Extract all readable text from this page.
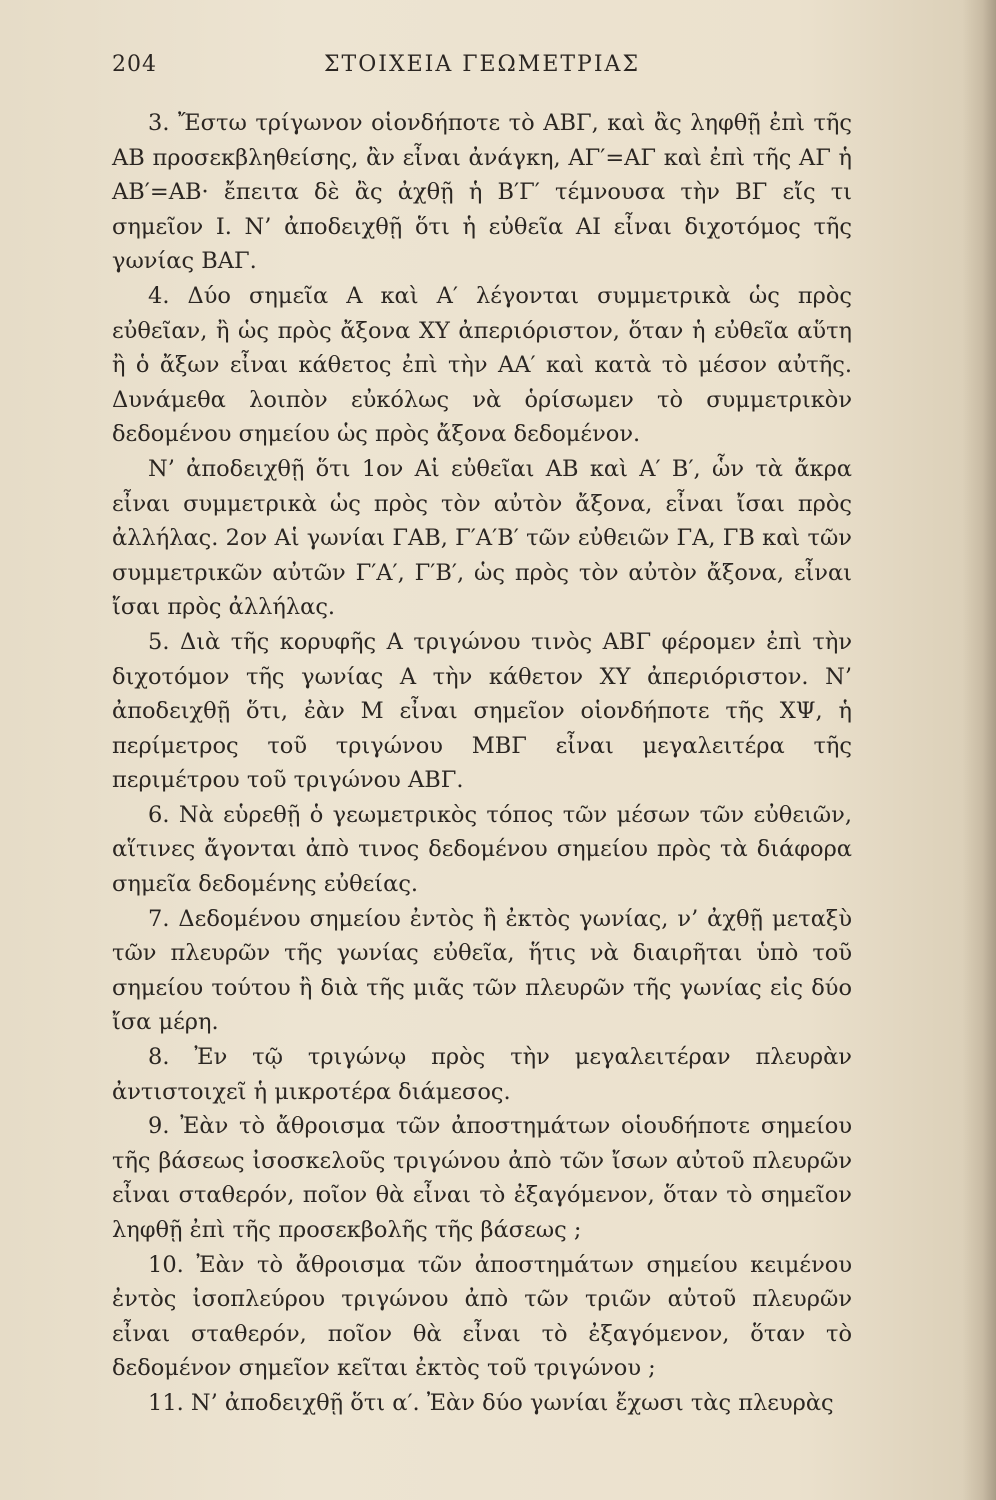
204	ΣΤΟΙΧΕΙΑ ΓΕΩΜΕΤΡΙΑΣ

3. Ἔστω τρίγωνον οἱονδήποτε τὸ ΑΒΓ, καὶ ἂς ληφθῇ ἐπὶ τῆς ΑΒ προσεκβληθείσης, ἂν εἶναι ἀνάγκη, ΑΓ′=ΑΓ καὶ ἐπὶ τῆς ΑΓ ἡ ΑΒ′=ΑΒ· ἔπειτα δὲ ἂς ἀχθῇ ἡ Β′Γ′ τέμνουσα τὴν ΒΓ εἴς τι σημεῖον Ι. Ν’ ἀποδειχθῇ ὅτι ἡ εὐθεῖα ΑΙ εἶναι διχοτόμος τῆς γωνίας ΒΑΓ.

4. Δύο σημεῖα Α καὶ Α′ λέγονται συμμετρικὰ ὡς πρὸς εὐθεῖαν, ἢ ὡς πρὸς ἄξονα ΧΥ ἀπεριόριστον, ὅταν ἡ εὐθεῖα αὕτη ἢ ὁ ἄξων εἶναι κάθετος ἐπὶ τὴν ΑΑ′ καὶ κατὰ τὸ μέσον αὐτῆς. Δυνάμεθα λοιπὸν εὐκόλως νὰ ὁρίσωμεν τὸ συμμετρικὸν δεδομένου σημείου ὡς πρὸς ἄξονα δεδομένον.

Ν’ ἀποδειχθῇ ὅτι 1ον Αἱ εὐθεῖαι ΑΒ καὶ Α′ Β′, ὧν τὰ ἄκρα εἶναι συμμετρικὰ ὡς πρὸς τὸν αὐτὸν ἄξονα, εἶναι ἴσαι πρὸς ἀλλήλας. 2ον Αἱ γωνίαι ΓΑΒ, Γ′Α′Β′ τῶν εὐθειῶν ΓΑ, ΓΒ καὶ τῶν συμμετρικῶν αὐτῶν Γ′Α′, Γ′Β′, ὡς πρὸς τὸν αὐτὸν ἄξονα, εἶναι ἴσαι πρὸς ἀλλήλας.

5. Διὰ τῆς κορυφῆς Α τριγώνου τινὸς ΑΒΓ φέρομεν ἐπὶ τὴν διχοτόμον τῆς γωνίας Α τὴν κάθετον ΧΥ ἀπεριόριστον. Ν’ ἀποδειχθῇ ὅτι, ἐὰν Μ εἶναι σημεῖον οἱονδήποτε τῆς ΧΨ, ἡ περίμετρος τοῦ τριγώνου ΜΒΓ εἶναι μεγαλειτέρα τῆς περιμέτρου τοῦ τριγώνου ΑΒΓ.

6. Νὰ εὑρεθῇ ὁ γεωμετρικὸς τόπος τῶν μέσων τῶν εὐθειῶν, αἵτινες ἄγονται ἀπὸ τινος δεδομένου σημείου πρὸς τὰ διάφορα σημεῖα δεδομένης εὐθείας.

7. Δεδομένου σημείου ἐντὸς ἢ ἐκτὸς γωνίας, ν’ ἀχθῇ μεταξὺ τῶν πλευρῶν τῆς γωνίας εὐθεῖα, ἥτις νὰ διαιρῆται ὑπὸ τοῦ σημείου τούτου ἢ διὰ τῆς μιᾶς τῶν πλευρῶν τῆς γωνίας εἰς δύο ἴσα μέρη.

8. Ἐν τῷ τριγώνῳ πρὸς τὴν μεγαλειτέραν πλευρὰν ἀντιστοιχεῖ ἡ μικροτέρα διάμεσος.

9. Ἐὰν τὸ ἄθροισμα τῶν ἀποστημάτων οἱουδήποτε σημείου τῆς βάσεως ἰσοσκελοῦς τριγώνου ἀπὸ τῶν ἴσων αὐτοῦ πλευρῶν εἶναι σταθερόν, ποῖον θὰ εἶναι τὸ ἐξαγόμενον, ὅταν τὸ σημεῖον ληφθῇ ἐπὶ τῆς προσεκβολῆς τῆς βάσεως ;

10. Ἐὰν τὸ ἄθροισμα τῶν ἀποστημάτων σημείου κειμένου ἐντὸς ἰσοπλεύρου τριγώνου ἀπὸ τῶν τριῶν αὐτοῦ πλευρῶν εἶναι σταθερόν, ποῖον θὰ εἶναι τὸ ἐξαγόμενον, ὅταν τὸ δεδομένον σημεῖον κεῖται ἐκτὸς τοῦ τριγώνου ;

11. Ν’ ἀποδειχθῇ ὅτι α′. Ἐὰν δύο γωνίαι ἔχωσι τὰς πλευρὰς
